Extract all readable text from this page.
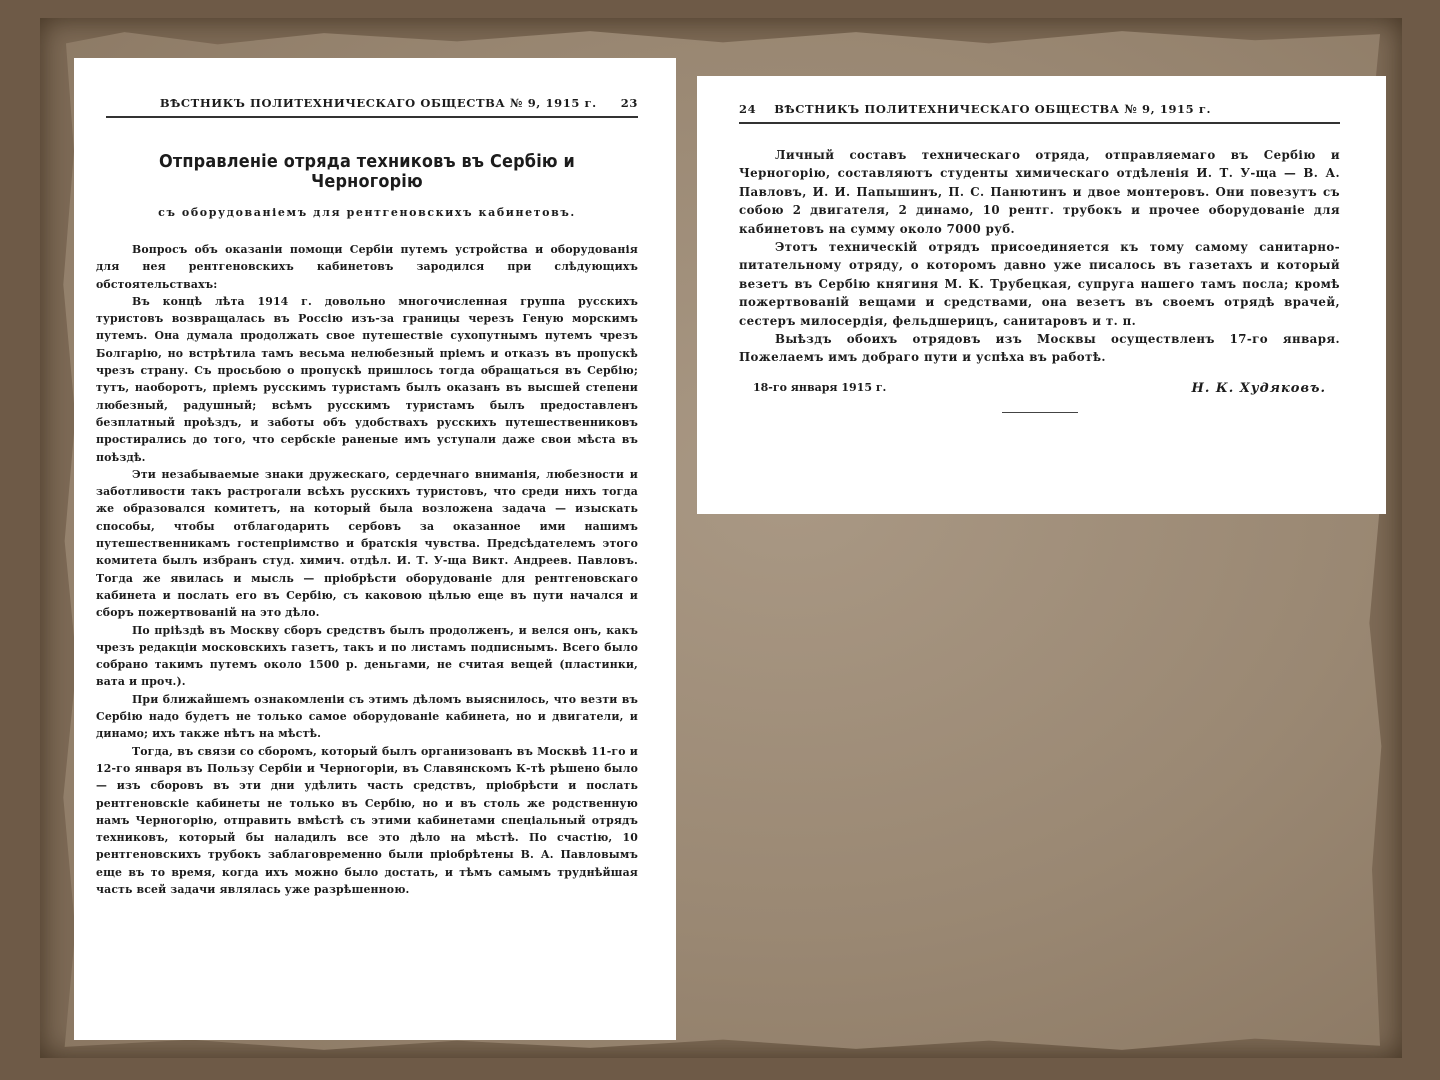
ВѢСТНИКЪ ПОЛИТЕХНИЧЕСКАГО ОБЩЕСТВА № 9, 1915 г. 23
Отправленіе отряда техниковъ въ Сербію и Черногорію
съ оборудованіемъ для рентгеновскихъ кабинетовъ.

Вопросъ объ оказаніи помощи Сербіи путемъ устройства и оборудованія для нея рентгеновскихъ кабинетовъ зародился при слѣдующихъ обстоятельствахъ:

Въ концѣ лѣта 1914 г. довольно многочисленная группа русскихъ туристовъ возвращалась въ Россію изъ-за границы черезъ Геную морскимъ путемъ. Она думала продолжать свое путешествіе сухопутнымъ путемъ чрезъ Болгарію, но встрѣтила тамъ весьма нелюбезный пріемъ и отказъ въ пропускѣ чрезъ страну. Съ просьбою о пропускѣ пришлось тогда обращаться въ Сербію; тутъ, наоборотъ, пріемъ русскимъ туристамъ былъ оказанъ въ высшей степени любезный, радушный; всѣмъ русскимъ туристамъ былъ предоставленъ безплатный проѣздъ, и заботы объ удобствахъ русскихъ путешественниковъ простирались до того, что сербскіе раненые имъ уступали даже свои мѣста въ поѣздѣ.

Эти незабываемые знаки дружескаго, сердечнаго вниманія, любезности и заботливости такъ растрогали всѣхъ русскихъ туристовъ, что среди нихъ тогда же образовался комитетъ, на который была возложена задача — изыскать способы, чтобы отблагодарить сербовъ за оказанное ими нашимъ путешественникамъ гостепріимство и братскія чувства. Предсѣдателемъ этого комитета былъ избранъ студ. химич. отдѣл. И. Т. У-ща Викт. Андреев. Павловъ. Тогда же явилась и мысль — пріобрѣсти оборудованіе для рентгеновскаго кабинета и послать его въ Сербію, съ каковою цѣлью еще въ пути начался и сборъ пожертвованій на это дѣло.

По пріѣздѣ въ Москву сборъ средствъ былъ продолженъ, и велся онъ, какъ чрезъ редакціи московскихъ газетъ, такъ и по листамъ подписнымъ. Всего было собрано такимъ путемъ около 1500 р. деньгами, не считая вещей (пластинки, вата и проч.).

При ближайшемъ ознакомленіи съ этимъ дѣломъ выяснилось, что везти въ Сербію надо будетъ не только самое оборудованіе кабинета, но и двигатели, и динамо; ихъ также нѣтъ на мѣстѣ.

Тогда, въ связи со сборомъ, который былъ организованъ въ Москвѣ 11-го и 12-го января въ Пользу Сербіи и Черногоріи, въ Славянскомъ К-тѣ рѣшено было — изъ сборовъ въ эти дни удѣлить часть средствъ, пріобрѣсти и послать рентгеновскіе кабинеты не только въ Сербію, но и въ столь же родственную намъ Черногорію, отправить вмѣстѣ съ этими кабинетами спеціальный отрядъ техниковъ, который бы наладилъ все это дѣло на мѣстѣ. По счастію, 10 рентгеновскихъ трубокъ заблаговременно были пріобрѣтены В. А. Павловымъ еще въ то время, когда ихъ можно было достать, и тѣмъ самымъ труднѣйшая часть всей задачи являлась уже разрѣшенною.

24 ВѢСТНИКЪ ПОЛИТЕХНИЧЕСКАГО ОБЩЕСТВА № 9, 1915 г.

Личный составъ техническаго отряда, отправляемаго въ Сербію и Черногорію, составляютъ студенты химическаго отдѣленія И. Т. У-ща — В. А. Павловъ, И. И. Папышинъ, П. С. Панютинъ и двое монтеровъ. Они повезутъ съ собою 2 двигателя, 2 динамо, 10 рентг. трубокъ и прочее оборудованіе для кабинетовъ на сумму около 7000 руб.

Этотъ техническій отрядъ присоединяется къ тому самому санитарно-питательному отряду, о которомъ давно уже писалось въ газетахъ и который везетъ въ Сербію княгиня М. К. Трубецкая, супруга нашего тамъ посла; кромѣ пожертвованій вещами и средствами, она везетъ въ своемъ отрядѣ врачей, сестеръ милосердія, фельдшерицъ, санитаровъ и т. п.

Выѣздъ обоихъ отрядовъ изъ Москвы осуществленъ 17-го января. Пожелаемъ имъ добраго пути и успѣха въ работѣ.

18-го января 1915 г.	Н. К. Худяковъ.
